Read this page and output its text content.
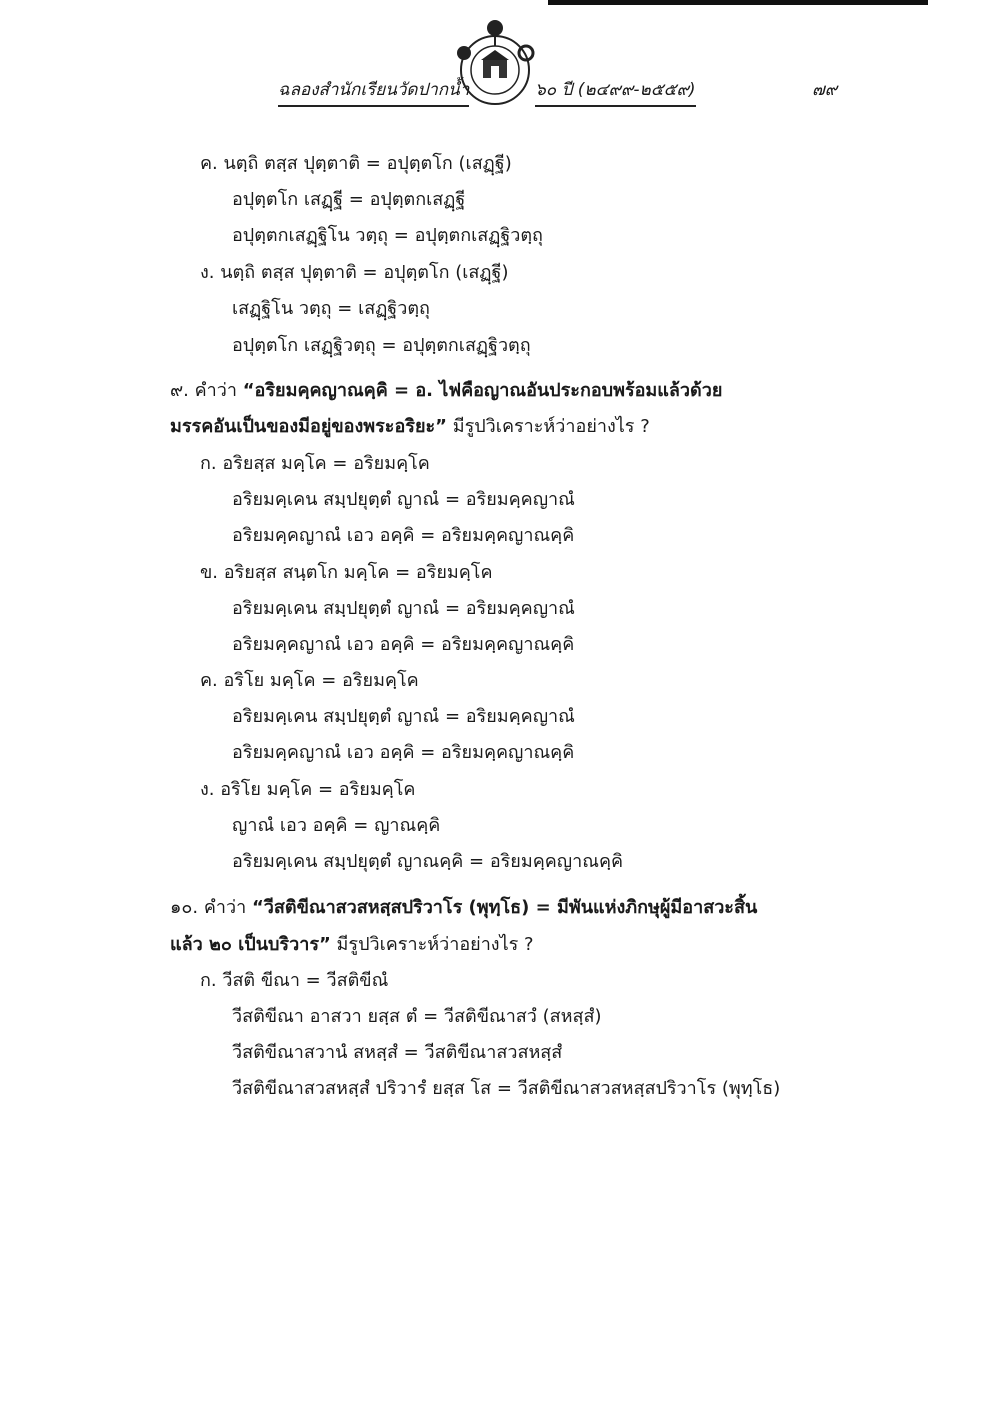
ฉลองสำนักเรียนวัดปากน้ำ	๖๐ ปี (๒๔๙๙-๒๕๕๙)	๗๙
ค. นตฺถิ ตสฺส ปุตฺตาติ = อปุตฺตโก (เสฏฺฐี)
อปุตฺตโก เสฏฺฐี = อปุตฺตกเสฏฺฐี
อปุตฺตกเสฏฺฐิโน วตฺถุ = อปุตฺตกเสฏฺฐิวตฺถุ
ง. นตฺถิ ตสฺส ปุตฺตาติ = อปุตฺตโก (เสฏฺฐี)
เสฏฺฐิโน วตฺถุ = เสฏฺฐิวตฺถุ
อปุตฺตโก เสฏฺฐิวตฺถุ = อปุตฺตกเสฏฺฐิวตฺถุ
๙. คำว่า “อริยมคฺคญาณคฺคิ = อ. ไฟคือญาณอันประกอบพร้อมแล้วด้วย
มรรคอันเป็นของมีอยู่ของพระอริยะ” มีรูปวิเคราะห์ว่าอย่างไร ?
ก. อริยสฺส มคฺโค = อริยมคฺโค
อริยมคฺเคน สมฺปยุตฺตํ ญาณํ = อริยมคฺคญาณํ
อริยมคฺคญาณํ เอว อคฺคิ = อริยมคฺคญาณคฺคิ
ข. อริยสฺส สนฺตโก มคฺโค = อริยมคฺโค
อริยมคฺเคน สมฺปยุตฺตํ ญาณํ = อริยมคฺคญาณํ
อริยมคฺคญาณํ เอว อคฺคิ = อริยมคฺคญาณคฺคิ
ค. อริโย มคฺโค = อริยมคฺโค
อริยมคฺเคน สมฺปยุตฺตํ ญาณํ = อริยมคฺคญาณํ
อริยมคฺคญาณํ เอว อคฺคิ = อริยมคฺคญาณคฺคิ
ง. อริโย มคฺโค = อริยมคฺโค
ญาณํ เอว อคฺคิ = ญาณคฺคิ
อริยมคฺเคน สมฺปยุตฺตํ ญาณคฺคิ = อริยมคฺคญาณคฺคิ
๑๐. คำว่า “วีสติขีณาสวสหสฺสปริวาโร (พุทฺโธ) = มีพันแห่งภิกษุผู้มีอาสวะสิ้น
แล้ว ๒๐ เป็นบริวาร” มีรูปวิเคราะห์ว่าอย่างไร ?
ก. วีสติ ขีณา = วีสติขีณํ
วีสติขีณา อาสวา ยสฺส ตํ = วีสติขีณาสวํ (สหสฺสํ)
วีสติขีณาสวานํ สหสฺสํ = วีสติขีณาสวสหสฺสํ
วีสติขีณาสวสหสฺสํ ปริวารํ ยสฺส โส = วีสติขีณาสวสหสฺสปริวาโร (พุทฺโธ)
